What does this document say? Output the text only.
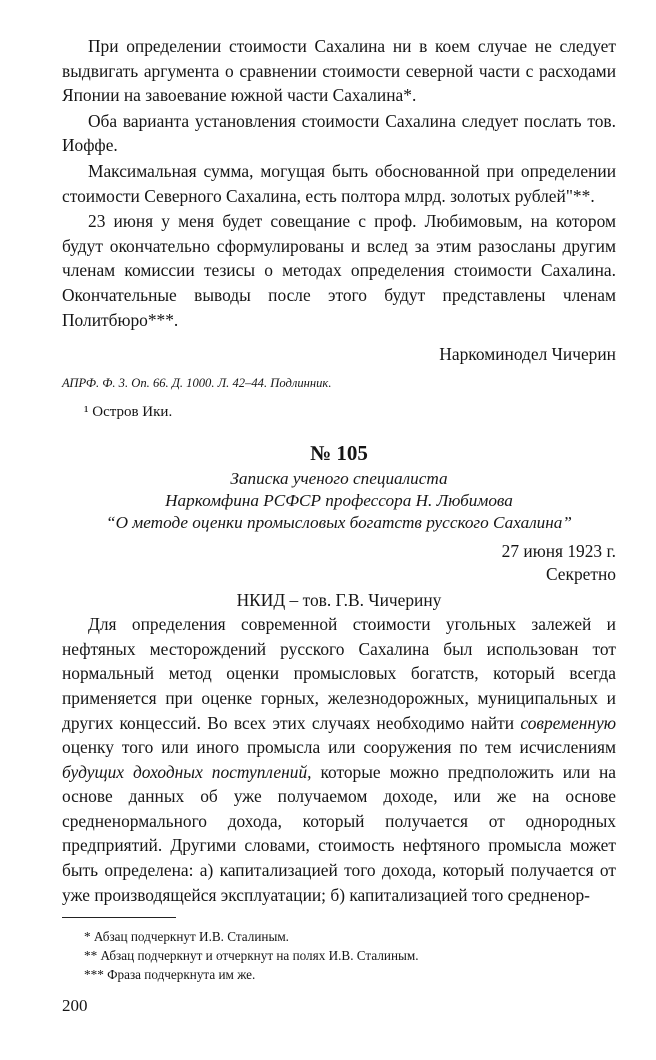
При определении стоимости Сахалина ни в коем случае не следует выдвигать аргумента о сравнении стоимости северной части с расходами Японии на завоевание южной части Сахалина*.

Оба варианта установления стоимости Сахалина следует послать тов. Иоффе.

Максимальная сумма, могущая быть обоснованной при определении стоимости Северного Сахалина, есть полтора млрд. золотых рублей"**.

23 июня у меня будет совещание с проф. Любимовым, на котором будут окончательно сформулированы и вслед за этим разосланы другим членам комиссии тезисы о методах определения стоимости Сахалина. Окончательные выводы после этого будут представлены членам Политбюро***.

Наркоминодел Чичерин
АПРФ. Ф. 3. Оп. 66. Д. 1000. Л. 42–44. Подлинник.
¹ Остров Ики.
№ 105
Записка ученого специалиста
Наркомфина РСФСР профессора Н. Любимова
“О методе оценки промысловых богатств русского Сахалина”
27 июня 1923 г.
Секретно
НКИД – тов. Г.В. Чичерину

Для определения современной стоимости угольных залежей и нефтяных месторождений русского Сахалина был использован тот нормальный метод оценки промысловых богатств, который всегда применяется при оценке горных, железнодорожных, муниципальных и других концессий. Во всех этих случаях необходимо найти современную оценку того или иного промысла или сооружения по тем исчислениям будущих доходных поступлений, которые можно предположить или на основе данных об уже получаемом доходе, или же на основе средненормального дохода, который получается от однородных предприятий. Другими словами, стоимость нефтяного промысла может быть определена: а) капитализацией того дохода, который получается от уже производящейся эксплуатации; б) капитализацией того средненор-

* Абзац подчеркнут И.В. Сталиным.
** Абзац подчеркнут и отчеркнут на полях И.В. Сталиным.
*** Фраза подчеркнута им же.
200
